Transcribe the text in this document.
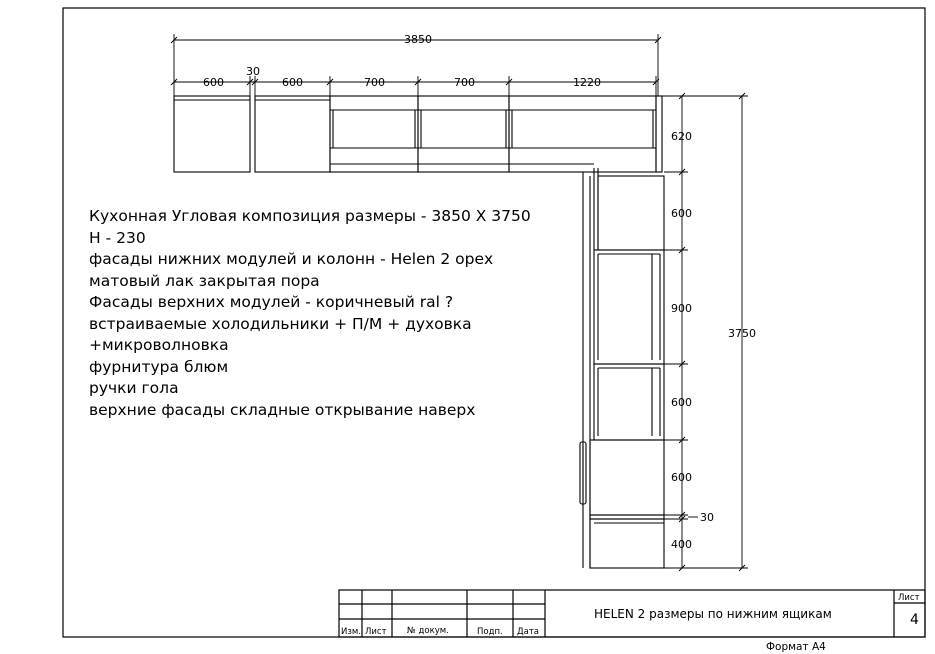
3850
600
30
600	700	700	1220
620
600
900
600
600
30
400
3750
Изм. Лист № докум.	Подп. Дата
HELEN 2 размеры по нижним ящикам
Лист
4
Формат А4
Кухонная Угловая композиция размеры - 3850 Х 3750
Н - 230
фасады нижних модулей и колонн - Helen 2 орех
матовый лак закрытая пора
Фасады верхних модулей - коричневый ral ?
встраиваемые холодильники + П/М + духовка
+микроволновка
фурнитура блюм
ручки гола
верхние фасады складные открывание наверх
